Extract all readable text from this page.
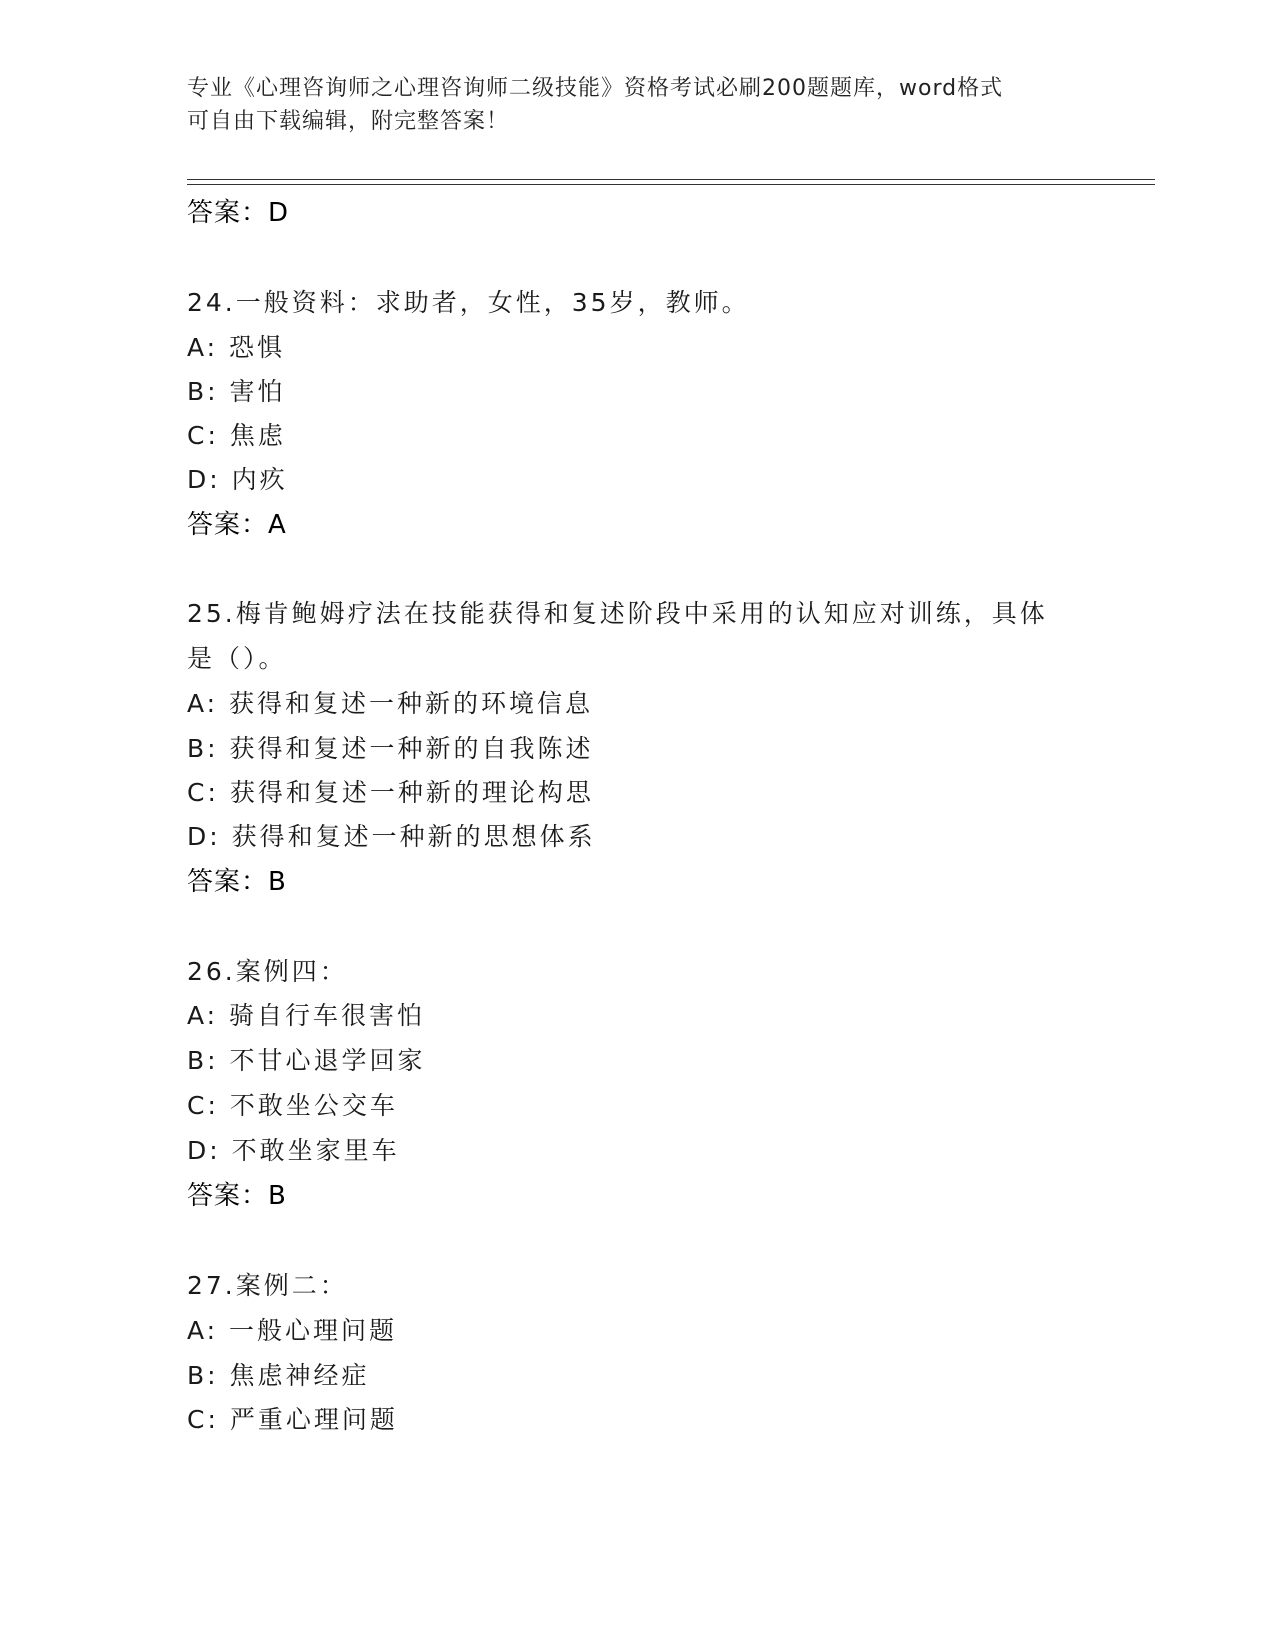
专业《心理咨询师之心理咨询师二级技能》资格考试必刷200题题库，word格式
可自由下载编辑，附完整答案！
答案：D
24.一般资料：求助者，女性，35岁，教师。
A: 恐惧
B: 害怕
C: 焦虑
D: 内疚
答案：A
25.梅肯鲍姆疗法在技能获得和复述阶段中采用的认知应对训练，具体
是（）。
A: 获得和复述一种新的环境信息
B: 获得和复述一种新的自我陈述
C: 获得和复述一种新的理论构思
D: 获得和复述一种新的思想体系
答案：B
26.案例四：
A: 骑自行车很害怕
B: 不甘心退学回家
C: 不敢坐公交车
D: 不敢坐家里车
答案：B
27.案例二：
A: 一般心理问题
B: 焦虑神经症
C: 严重心理问题
